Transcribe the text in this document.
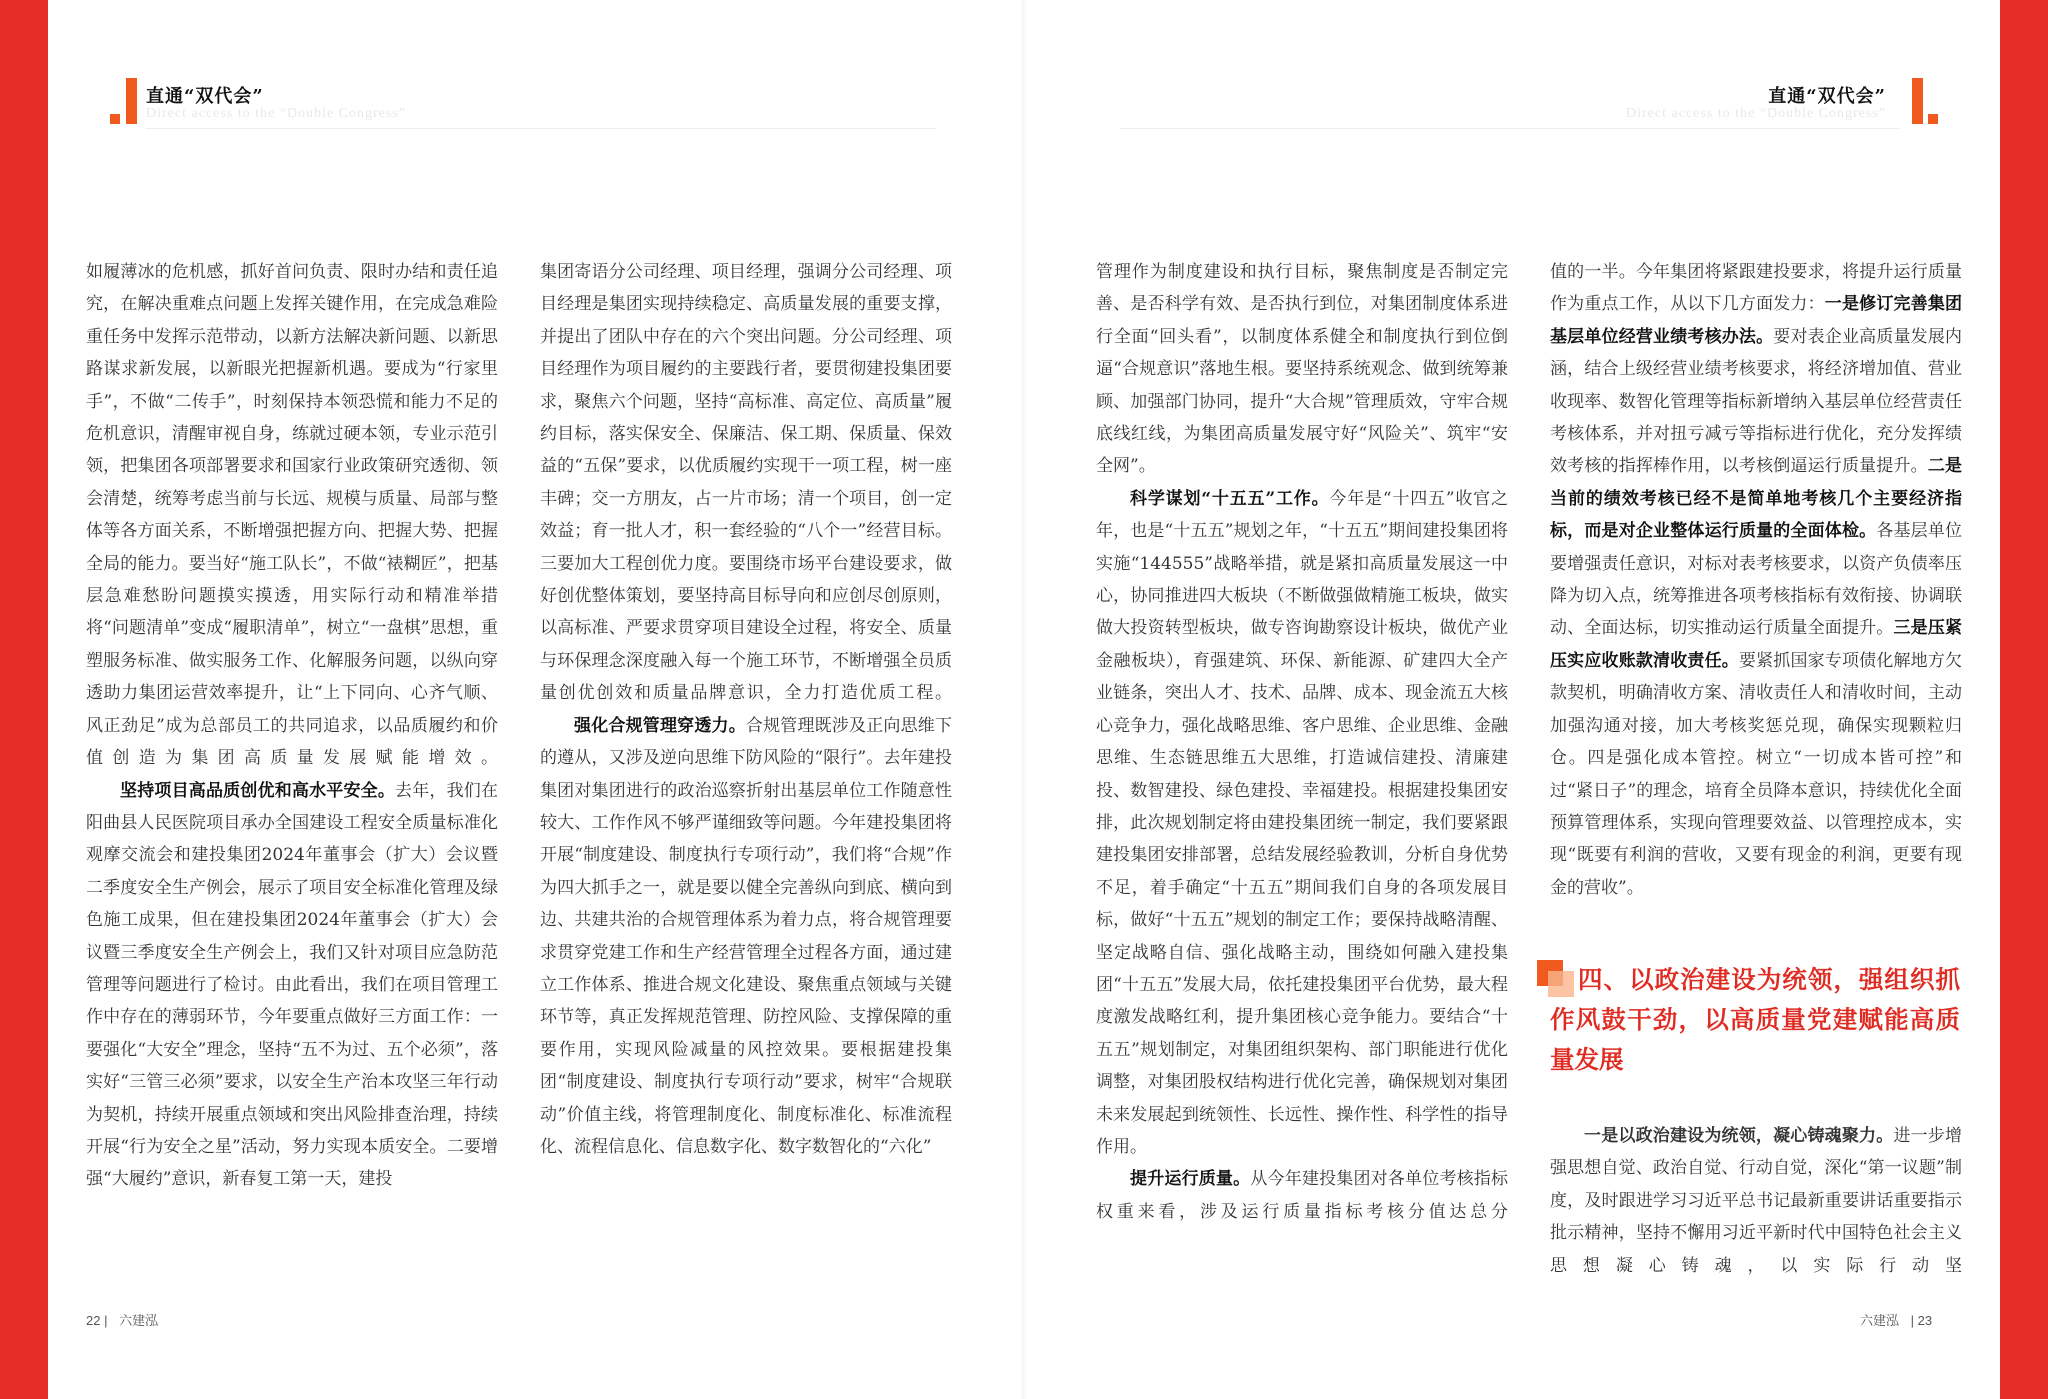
直通“双代会”
Direct access to the “Double Congress”
直通“双代会”
Direct access to the “Double Congress”

如履薄冰的危机感，抓好首问负责、限时办结和责任追究，在解决重难点问题上发挥关键作用，在完成急难险重任务中发挥示范带动，以新方法解决新问题、以新思路谋求新发展，以新眼光把握新机遇。要成为“行家里手”，不做“二传手”，时刻保持本领恐慌和能力不足的危机意识，清醒审视自身，练就过硬本领，专业示范引领，把集团各项部署要求和国家行业政策研究透彻、领会清楚，统筹考虑当前与长远、规模与质量、局部与整体等各方面关系，不断增强把握方向、把握大势、把握全局的能力。要当好“施工队长”，不做“裱糊匠”，把基层急难愁盼问题摸实摸透，用实际行动和精准举措将“问题清单”变成“履职清单”，树立“一盘棋”思想，重塑服务标准、做实服务工作、化解服务问题，以纵向穿透助力集团运营效率提升，让“上下同向、心齐气顺、风正劲足”成为总部员工的共同追求，以品质履约和价值创造为集团高质量发展赋能增效。

坚持项目高品质创优和高水平安全。去年，我们在阳曲县人民医院项目承办全国建设工程安全质量标准化观摩交流会和建投集团2024年董事会（扩大）会议暨二季度安全生产例会，展示了项目安全标准化管理及绿色施工成果，但在建投集团2024年董事会（扩大）会议暨三季度安全生产例会上，我们又针对项目应急防范管理等问题进行了检讨。由此看出，我们在项目管理工作中存在的薄弱环节，今年要重点做好三方面工作：一要强化“大安全”理念，坚持“五不为过、五个必须”，落实好“三管三必须”要求，以安全生产治本攻坚三年行动为契机，持续开展重点领域和突出风险排查治理，持续开展“行为安全之星”活动，努力实现本质安全。二要增强“大履约”意识，新春复工第一天，建投

集团寄语分公司经理、项目经理，强调分公司经理、项目经理是集团实现持续稳定、高质量发展的重要支撑，并提出了团队中存在的六个突出问题。分公司经理、项目经理作为项目履约的主要践行者，要贯彻建投集团要求，聚焦六个问题，坚持“高标准、高定位、高质量”履约目标，落实保安全、保廉洁、保工期、保质量、保效益的“五保”要求，以优质履约实现干一项工程，树一座丰碑；交一方朋友，占一片市场；清一个项目，创一定效益；育一批人才，积一套经验的“八个一”经营目标。三要加大工程创优力度。要围绕市场平台建设要求，做好创优整体策划，要坚持高目标导向和应创尽创原则，以高标准、严要求贯穿项目建设全过程，将安全、质量与环保理念深度融入每一个施工环节，不断增强全员质量创优创效和质量品牌意识，全力打造优质工程。

强化合规管理穿透力。合规管理既涉及正向思维下的遵从，又涉及逆向思维下防风险的“限行”。去年建投集团对集团进行的政治巡察折射出基层单位工作随意性较大、工作作风不够严谨细致等问题。今年建投集团将开展“制度建设、制度执行专项行动”，我们将“合规”作为四大抓手之一，就是要以健全完善纵向到底、横向到边、共建共治的合规管理体系为着力点，将合规管理要求贯穿党建工作和生产经营管理全过程各方面，通过建立工作体系、推进合规文化建设、聚焦重点领域与关键环节等，真正发挥规范管理、防控风险、支撑保障的重要作用，实现风险减量的风控效果。要根据建投集团“制度建设、制度执行专项行动”要求，树牢“合规联动”价值主线，将管理制度化、制度标准化、标准流程化、流程信息化、信息数字化、数字数智化的“六化”

管理作为制度建设和执行目标，聚焦制度是否制定完善、是否科学有效、是否执行到位，对集团制度体系进行全面“回头看”，以制度体系健全和制度执行到位倒逼“合规意识”落地生根。要坚持系统观念、做到统筹兼顾、加强部门协同，提升“大合规”管理质效，守牢合规底线红线，为集团高质量发展守好“风险关”、筑牢“安全网”。

科学谋划“十五五”工作。今年是“十四五”收官之年，也是“十五五”规划之年，“十五五”期间建投集团将实施“144555”战略举措，就是紧扣高质量发展这一中心，协同推进四大板块（不断做强做精施工板块，做实做大投资转型板块，做专咨询勘察设计板块，做优产业金融板块），育强建筑、环保、新能源、矿建四大全产业链条，突出人才、技术、品牌、成本、现金流五大核心竞争力，强化战略思维、客户思维、企业思维、金融思维、生态链思维五大思维，打造诚信建投、清廉建投、数智建投、绿色建投、幸福建投。根据建投集团安排，此次规划制定将由建投集团统一制定，我们要紧跟建投集团安排部署，总结发展经验教训，分析自身优势不足，着手确定“十五五”期间我们自身的各项发展目标，做好“十五五”规划的制定工作；要保持战略清醒、坚定战略自信、强化战略主动，围绕如何融入建投集团“十五五”发展大局，依托建投集团平台优势，最大程度激发战略红利，提升集团核心竞争能力。要结合“十五五”规划制定，对集团组织架构、部门职能进行优化调整，对集团股权结构进行优化完善，确保规划对集团未来发展起到统领性、长远性、操作性、科学性的指导作用。

提升运行质量。从今年建投集团对各单位考核指标权重来看，涉及运行质量指标考核分值达总分

值的一半。今年集团将紧跟建投要求，将提升运行质量作为重点工作，从以下几方面发力：一是修订完善集团基层单位经营业绩考核办法。要对表企业高质量发展内涵，结合上级经营业绩考核要求，将经济增加值、营业收现率、数智化管理等指标新增纳入基层单位经营责任考核体系，并对扭亏减亏等指标进行优化，充分发挥绩效考核的指挥棒作用，以考核倒逼运行质量提升。二是当前的绩效考核已经不是简单地考核几个主要经济指标，而是对企业整体运行质量的全面体检。各基层单位要增强责任意识，对标对表考核要求，以资产负债率压降为切入点，统筹推进各项考核指标有效衔接、协调联动、全面达标，切实推动运行质量全面提升。三是压紧压实应收账款清收责任。要紧抓国家专项债化解地方欠款契机，明确清收方案、清收责任人和清收时间，主动加强沟通对接，加大考核奖惩兑现，确保实现颗粒归仓。四是强化成本管控。树立“一切成本皆可控”和过“紧日子”的理念，培育全员降本意识，持续优化全面预算管理体系，实现向管理要效益、以管理控成本，实现“既要有利润的营收，又要有现金的利润，更要有现金的营收”。

四、以政治建设为统领，强组织抓作风鼓干劲，以高质量党建赋能高质量发展

一是以政治建设为统领，凝心铸魂聚力。进一步增强思想自觉、政治自觉、行动自觉，深化“第一议题”制度，及时跟进学习习近平总书记最新重要讲话重要指示批示精神，坚持不懈用习近平新时代中国特色社会主义思想凝心铸魂，以实际行动坚

22 | 六建泓	六建泓 | 23
